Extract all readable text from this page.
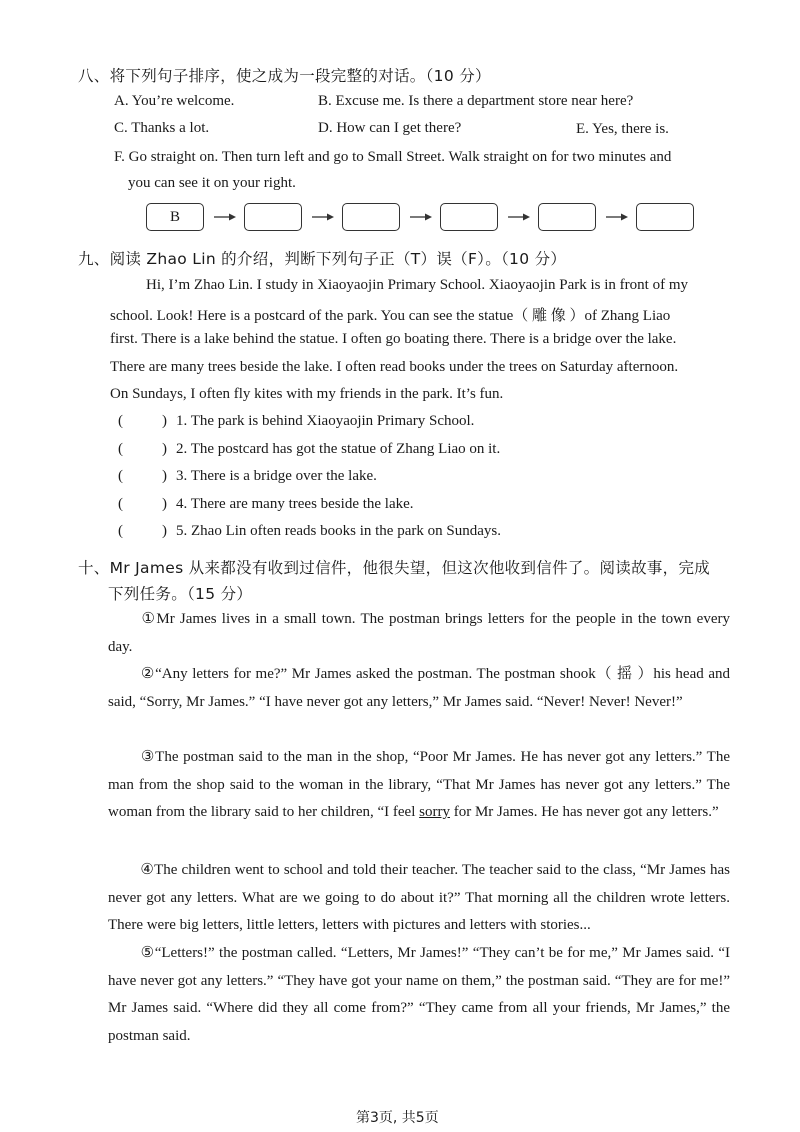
八、将下列句子排序，使之成为一段完整的对话。（10 分）
A. You’re welcome.	B. Excuse me. Is there a department store near here?
C. Thanks a lot.	D. How can I get there?	E. Yes, there is.
F. Go straight on. Then turn left and go to Small Street. Walk straight on for two minutes and
you can see it on your right.
B
九、阅读 Zhao Lin 的介绍，判断下列句子正（T）误（F）。（10 分）
Hi, I’m Zhao Lin. I study in Xiaoyaojin Primary School. Xiaoyaojin Park is in front of my
school. Look! Here is a postcard of the park. You can see the statue（ 雕 像 ）of Zhang Liao
first. There is a lake behind the statue. I often go boating there. There is a bridge over the lake.
There are many trees beside the lake. I often read books under the trees on Saturday afternoon.
On Sundays, I often fly kites with my friends in the park. It’s fun.
(	) 1. The park is behind Xiaoyaojin Primary School.
(	) 2. The postcard has got the statue of Zhang Liao on it.
(	) 3. There is a bridge over the lake.
(	) 4. There are many trees beside the lake.
(	) 5. Zhao Lin often reads books in the park on Sundays.
十、Mr James 从来都没有收到过信件，他很失望，但这次他收到信件了。阅读故事，完成
下列任务。（15 分）
①Mr James lives in a small town. The postman brings letters for the people in the town every day.
②“Any letters for me?” Mr James asked the postman. The postman shook（ 摇 ）his head and said, “Sorry, Mr James.” “I have never got any letters,” Mr James said. “Never! Never! Never!”
③The postman said to the man in the shop, “Poor Mr James. He has never got any letters.” The man from the shop said to the woman in the library, “That Mr James has never got any letters.” The woman from the library said to her children, “I feel sorry for Mr James. He has never got any letters.”
④The children went to school and told their teacher. The teacher said to the class, “Mr James has never got any letters. What are we going to do about it?” That morning all the children wrote letters. There were big letters, little letters, letters with pictures and letters with stories...
⑤“Letters!” the postman called. “Letters, Mr James!” “They can’t be for me,” Mr James said. “I have never got any letters.” “They have got your name on them,” the postman said. “They are for me!” Mr James said. “Where did they all come from?” “They came from all your friends, Mr James,” the postman said.
第3页, 共5页
